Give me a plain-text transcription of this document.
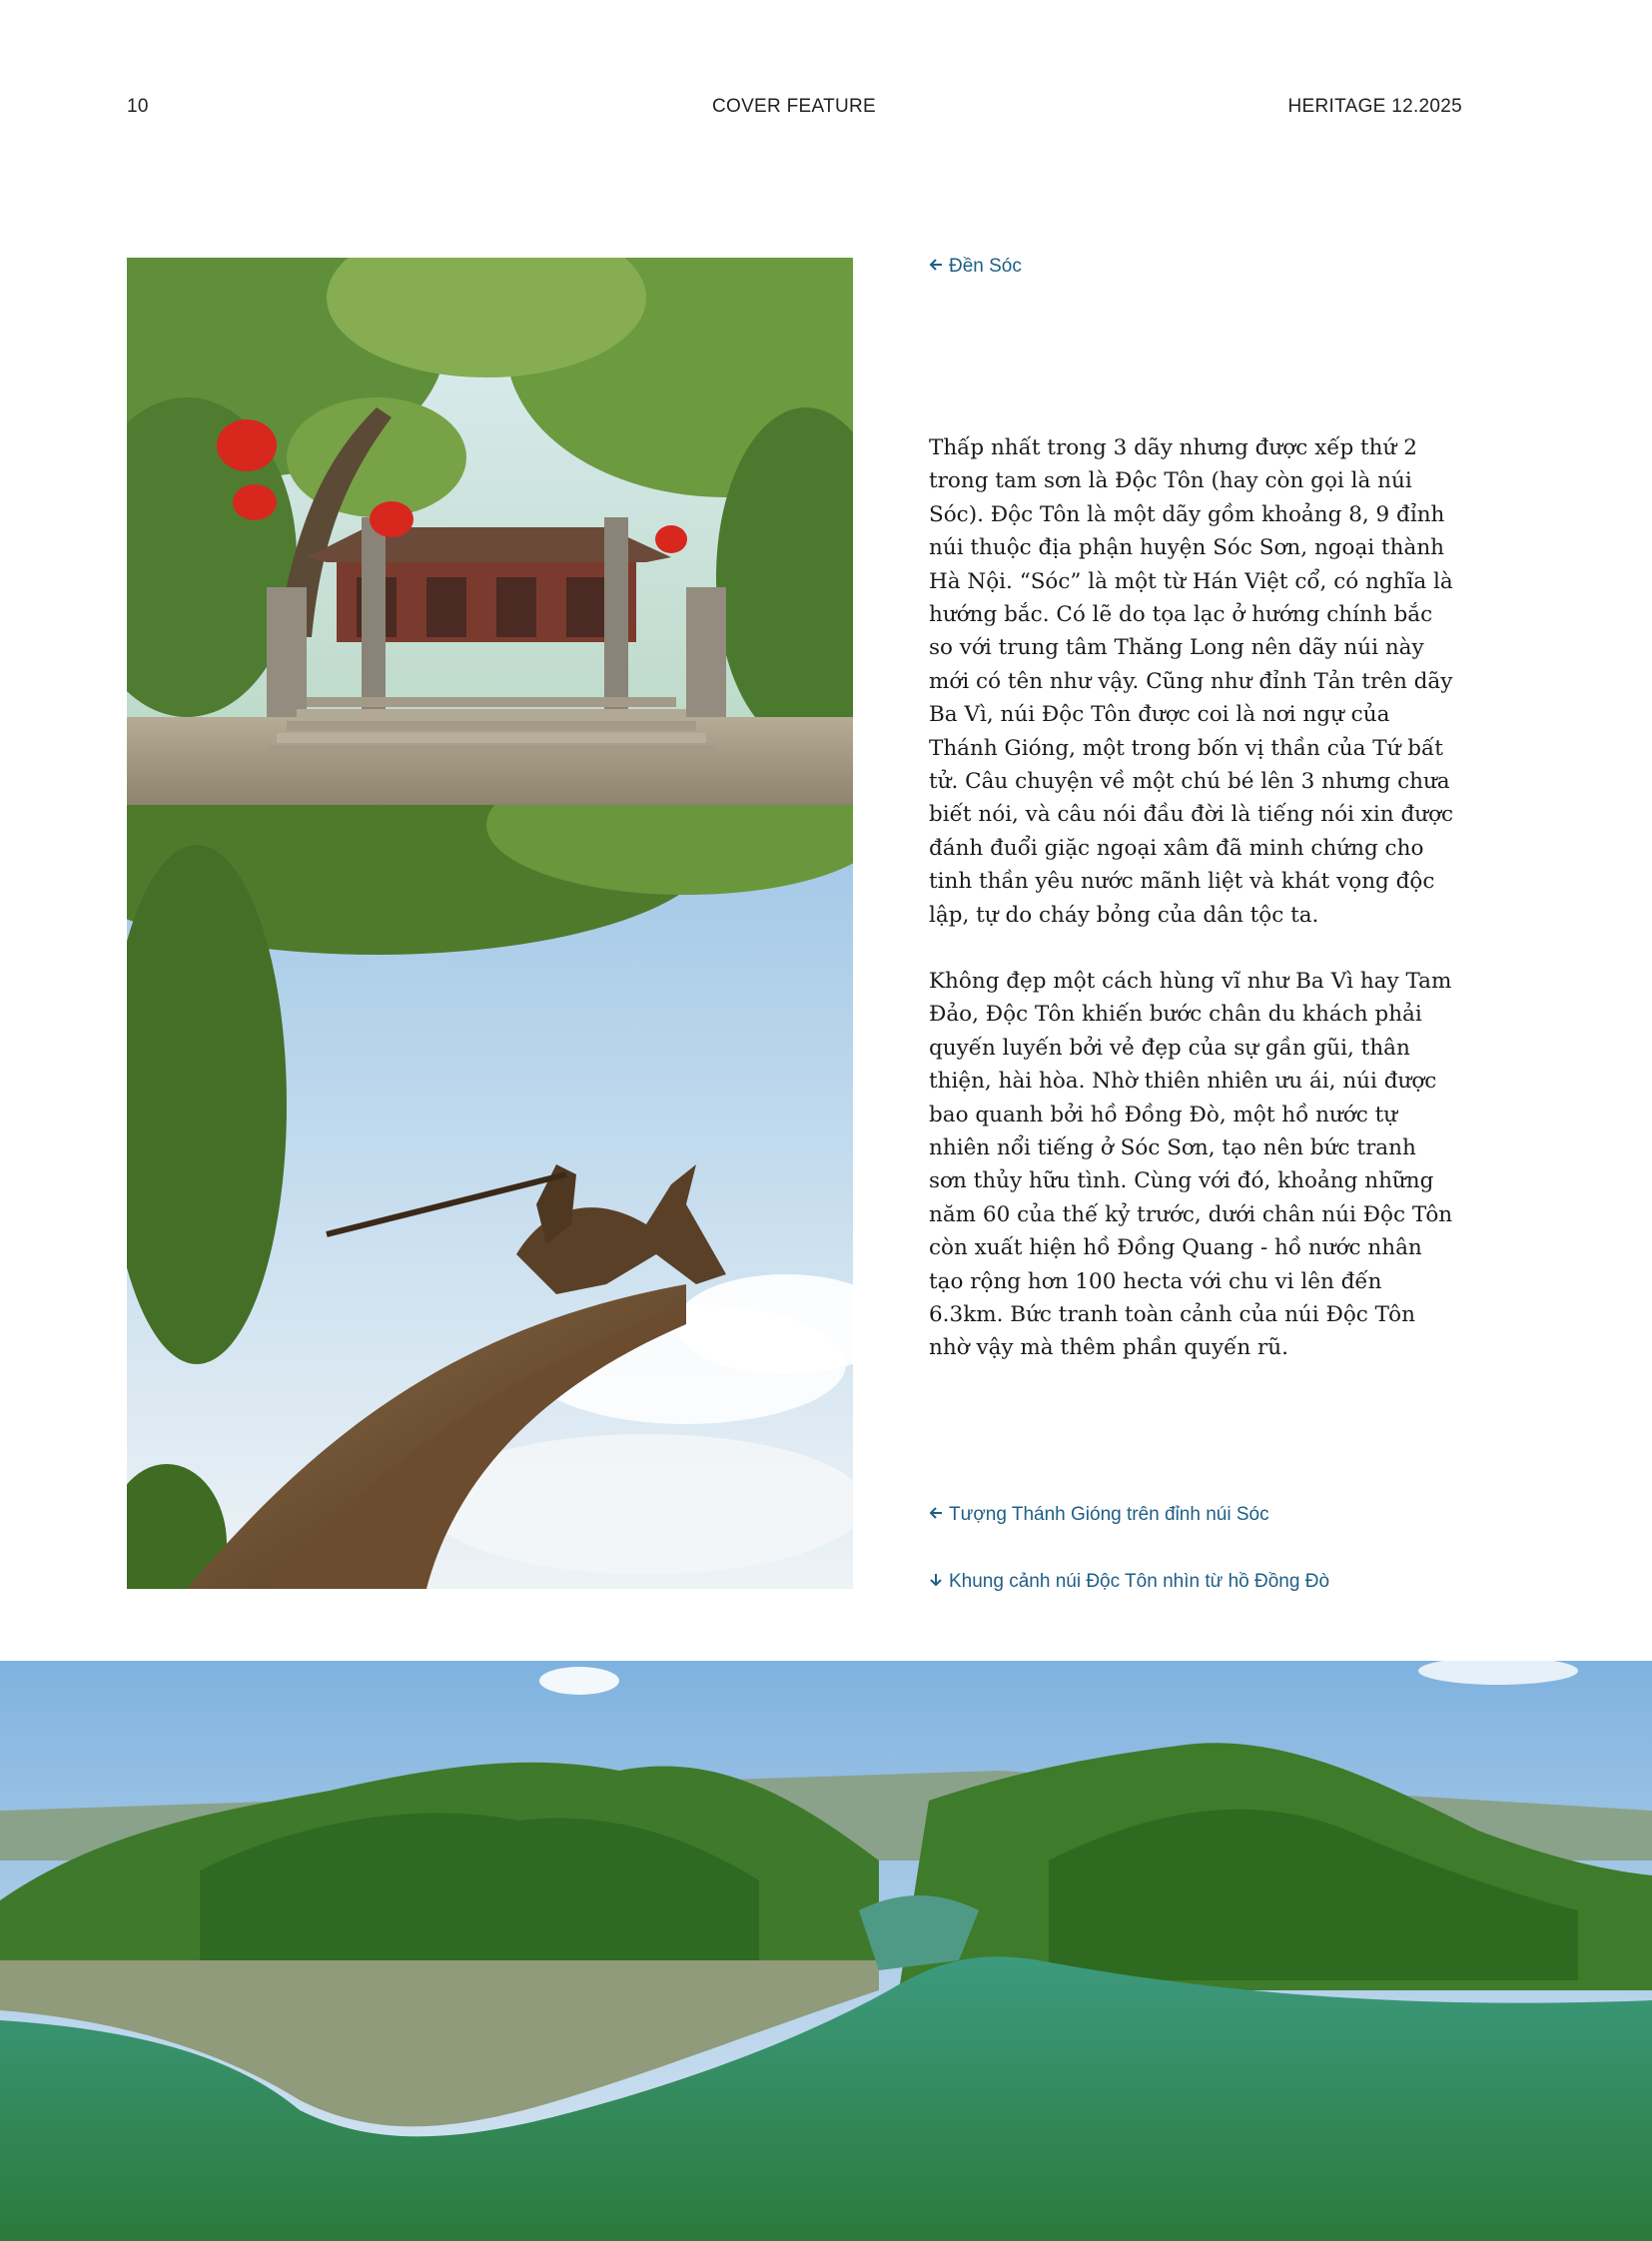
10	COVER FEATURE	HERITAGE 12.2025
Đền Sóc
Tượng Thánh Gióng trên đỉnh núi Sóc
Khung cảnh núi Độc Tôn nhìn từ hồ Đồng Đò

Thấp nhất trong 3 dãy nhưng được xếp thứ 2 trong tam sơn là Độc Tôn (hay còn gọi là núi Sóc). Độc Tôn là một dãy gồm khoảng 8, 9 đỉnh núi thuộc địa phận huyện Sóc Sơn, ngoại thành Hà Nội. “Sóc” là một từ Hán Việt cổ, có nghĩa là hướng bắc. Có lẽ do tọa lạc ở hướng chính bắc so với trung tâm Thăng Long nên dãy núi này mới có tên như vậy. Cũng như đỉnh Tản trên dãy Ba Vì, núi Độc Tôn được coi là nơi ngự của Thánh Gióng, một trong bốn vị thần của Tứ bất tử. Câu chuyện về một chú bé lên 3 nhưng chưa biết nói, và câu nói đầu đời là tiếng nói xin được đánh đuổi giặc ngoại xâm đã minh chứng cho tinh thần yêu nước mãnh liệt và khát vọng độc lập, tự do cháy bỏng của dân tộc ta.

Không đẹp một cách hùng vĩ như Ba Vì hay Tam Đảo, Độc Tôn khiến bước chân du khách phải quyến luyến bởi vẻ đẹp của sự gần gũi, thân thiện, hài hòa. Nhờ thiên nhiên ưu ái, núi được bao quanh bởi hồ Đồng Đò, một hồ nước tự nhiên nổi tiếng ở Sóc Sơn, tạo nên bức tranh sơn thủy hữu tình. Cùng với đó, khoảng những năm 60 của thế kỷ trước, dưới chân núi Độc Tôn còn xuất hiện hồ Đồng Quang - hồ nước nhân tạo rộng hơn 100 hecta với chu vi lên đến 6.3km. Bức tranh toàn cảnh của núi Độc Tôn nhờ vậy mà thêm phần quyến rũ.
